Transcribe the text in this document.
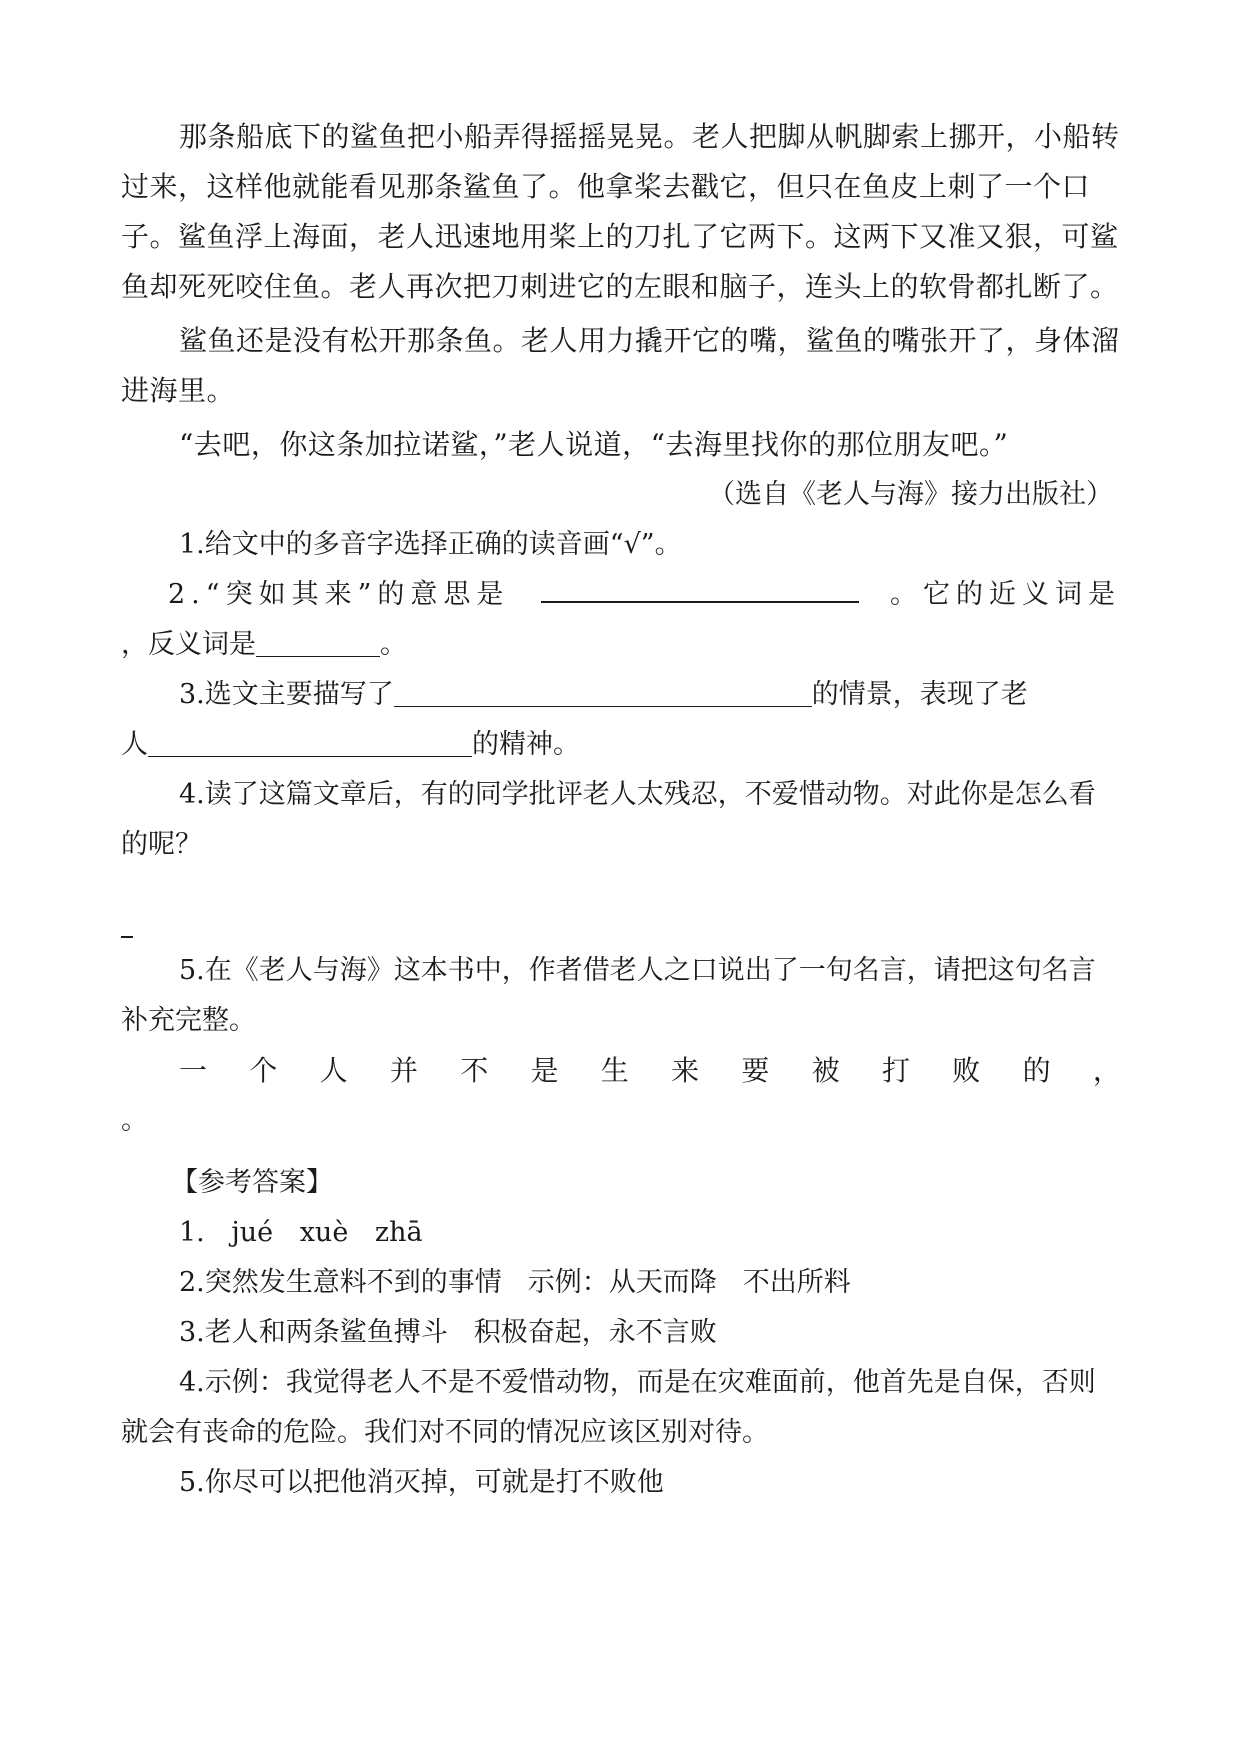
那条船底下的鲨鱼把小船弄得摇摇晃晃。老人把脚从帆脚索上挪开，小船转过来，这样他就能看见那条鲨鱼了。他拿桨去戳它，但只在鱼皮上刺了一个口子。鲨鱼浮上海面，老人迅速地用桨上的刀扎了它两下。这两下又准又狠，可鲨鱼却死死咬住鱼。老人再次把刀刺进它的左眼和脑子，连头上的软骨都扎断了。

鲨鱼还是没有松开那条鱼。老人用力撬开它的嘴，鲨鱼的嘴张开了，身体溜进海里。

“去吧，你这条加拉诺鲨，”老人说道，“去海里找你的那位朋友吧。”

（选自《老人与海》接力出版社）

1.给文中的多音字选择正确的读音画“√”。

2.“突如其来”的意思是	。它的近义词是

，反义词是	。

3.选文主要描写了	的情景，表现了老

人	的精神。

4.读了这篇文章后，有的同学批评老人太残忍，不爱惜动物。对此你是怎么看的呢？

5.在《老人与海》这本书中，作者借老人之口说出了一句名言，请把这句名言补充完整。

一 个 人 并 不 是 生 来 要 被 打 败 的 ，

。

【参考答案】

1. jué xuè zhā

2.突然发生意料不到的事情 示例：从天而降 不出所料

3.老人和两条鲨鱼搏斗 积极奋起，永不言败

4.示例：我觉得老人不是不爱惜动物，而是在灾难面前，他首先是自保，否则就会有丧命的危险。我们对不同的情况应该区别对待。

5.你尽可以把他消灭掉，可就是打不败他
